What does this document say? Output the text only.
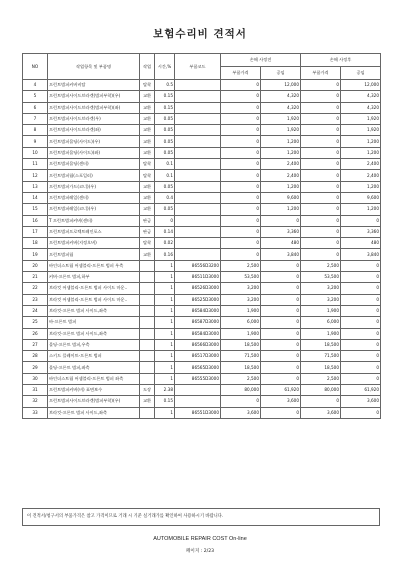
보험수리비 견적서
NO	작업항목 및 부품명	작업	시간,%	부품코드	손해 사정전		손해 사정후	
					부품가격	공임	부품가격	공임
4	프런트범퍼커버비탈	탈착	0.5		0	12,000	0	12,000
5	프런트범퍼사이드브라켓(범퍼부착)(우)	교환	0.15		0	4,320	0	4,320
6	프런트범퍼사이드브라켓(범퍼부착)(좌)	교환	0.15		0	4,320	0	4,320
7	프런트범퍼사이드브라켓(우)	교환	0.05		0	1,920	0	1,920
8	프런트범퍼사이드브라켓(좌)	교환	0.05		0	1,920	0	1,920
9	프런트범퍼몰딩(사이드)(우)	교환	0.05		0	1,200	0	1,200
10	프런트범퍼몰딩(사이드)(좌)	교환	0.05		0	1,200	0	1,200
11	프런트범퍼몰딩(센터)	탈착	0.1		0	2,400	0	2,400
12	프런트범퍼립(스포일러)	탈착	0.1		0	2,400	0	2,400
13	프런트범퍼가드(코너)(우)	교환	0.05		0	1,200	0	1,200
14	프런트범퍼레일(센터)	교환	0.4		0	9,600	0	9,600
15	프런트범퍼레일(코너)(우)	교환	0.05		0	1,200	0	1,200
16	T 프런트범퍼커버(센터)	판금	0		0	0	0	0
17	프런트범퍼프로텍트레인포스	판금	0.14		0	3,360	0	3,360
18	프런트범퍼커버(지정오버)	탈착	0.02		0	480	0	480
19	프런트범퍼립	교환	0.16		0	3,840	0	3,840
20	바인더스트립 어셈블리-프론트 범퍼 우측		1	86556D3200	2,500	0	2,500	0
21	커버-프론트 범퍼,하부		1	86511D3000	53,500	0	53,500	0
22	브라킷 어셈블리-프론트 범퍼 사이드 마운..		1	86526D3000	3,200	0	3,200	0
23	브라킷 어셈블리-프론트 범퍼 사이드 마운..		1	86525D3000	3,200	0	3,200	0
24	브라킷-프론트 범퍼 사이드,좌측		1	86584D3000	1,900	0	1,900	0
25	바-프론트 범퍼		1	86587D3000	6,000	0	6,000	0
26	브라킷-프론트 범퍼 사이드,좌측		1	86584D3000	1,900	0	1,900	0
27	몰딩-프론트 범퍼,우측		1	86566D3000	18,500	0	18,500	0
28	스키드 플레이트-프론트 범퍼		1	86517D3000	71,500	0	71,500	0
29	몰딩-프론트 범퍼,좌측		1	86565D3000	18,500	0	18,500	0
30	바인더스트립 어셈블리-프론트 범퍼 좌측		1	86555D3000	2,500	0	2,500	0
31	프런트범퍼커버(비) 표면보수	도장	2.38		80,000	61,920	80,000	61,920
32	프런트범퍼사이드브라켓(범퍼부착)(우)	교환	0.15		0	3,600	0	3,600
33	브라킷-프론트 범퍼 사이드,좌측		1	86551D3000	3,600	0	3,600	0
이 견적서/청구서의 부품가격은 참고 가격이므로 거래 시 기준 실거래가를 확인하여 사용하시기 바랍니다.
AUTOMOBILE REPAIR COST On-line
페이지 : 2/23
